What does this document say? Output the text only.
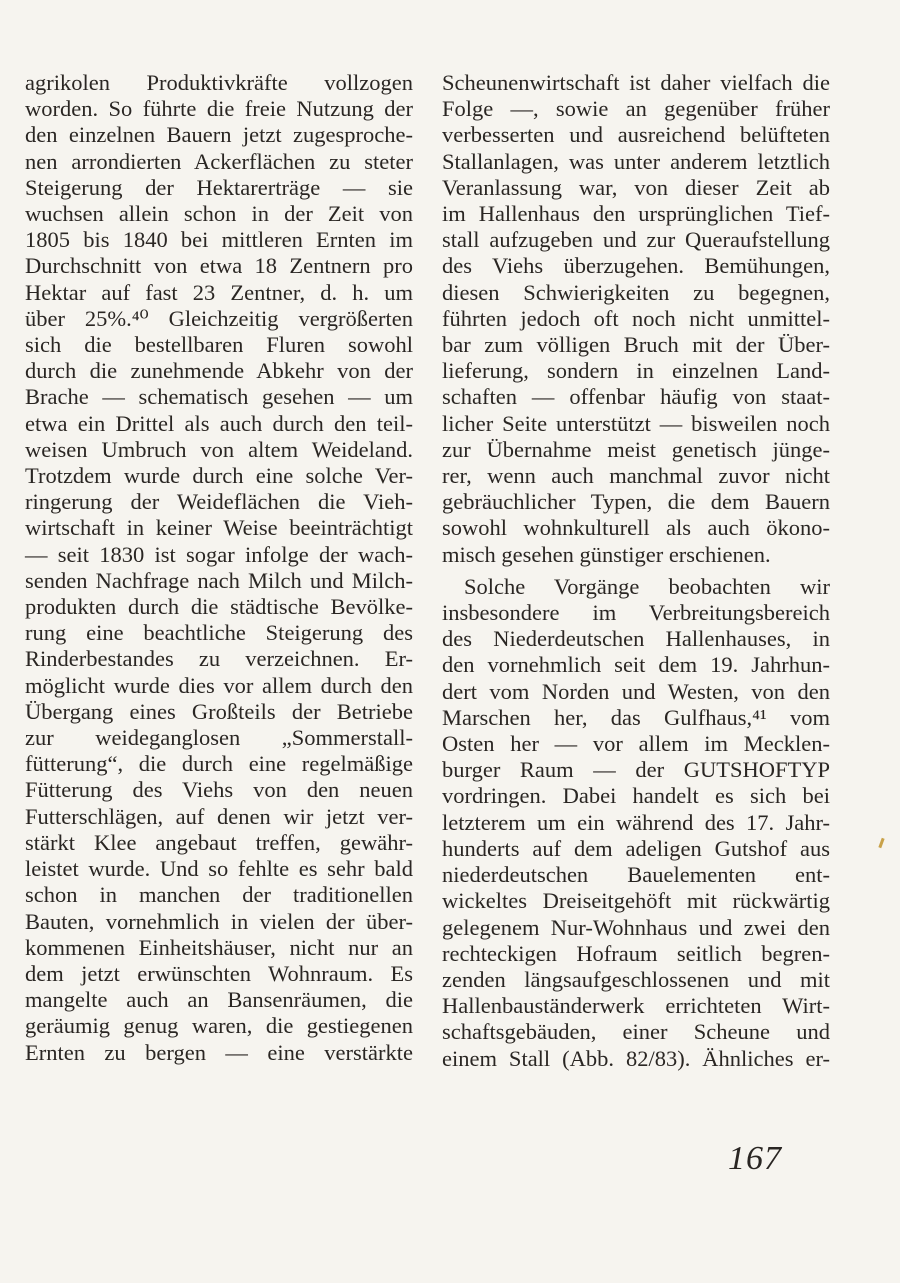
agrikolen Produktivkräfte vollzogen
worden. So führte die freie Nutzung der
den einzelnen Bauern jetzt zugesproche-
nen arrondierten Ackerflächen zu steter
Steigerung der Hektarerträge — sie
wuchsen allein schon in der Zeit von
1805 bis 1840 bei mittleren Ernten im
Durchschnitt von etwa 18 Zentnern pro
Hektar auf fast 23 Zentner, d. h. um
über 25%.⁴⁰ Gleichzeitig vergrößerten
sich die bestellbaren Fluren sowohl
durch die zunehmende Abkehr von der
Brache — schematisch gesehen — um
etwa ein Drittel als auch durch den teil-
weisen Umbruch von altem Weideland.
Trotzdem wurde durch eine solche Ver-
ringerung der Weideflächen die Vieh-
wirtschaft in keiner Weise beeinträchtigt
— seit 1830 ist sogar infolge der wach-
senden Nachfrage nach Milch und Milch-
produkten durch die städtische Bevölke-
rung eine beachtliche Steigerung des
Rinderbestandes zu verzeichnen. Er-
möglicht wurde dies vor allem durch den
Übergang eines Großteils der Betriebe
zur weideganglosen „Sommerstall-
fütterung“, die durch eine regelmäßige
Fütterung des Viehs von den neuen
Futterschlägen, auf denen wir jetzt ver-
stärkt Klee angebaut treffen, gewähr-
leistet wurde. Und so fehlte es sehr bald
schon in manchen der traditionellen
Bauten, vornehmlich in vielen der über-
kommenen Einheitshäuser, nicht nur an
dem jetzt erwünschten Wohnraum. Es
mangelte auch an Bansenräumen, die
geräumig genug waren, die gestiegenen
Ernten zu bergen — eine verstärkte
Scheunenwirtschaft ist daher vielfach die
Folge —, sowie an gegenüber früher
verbesserten und ausreichend belüfteten
Stallanlagen, was unter anderem letztlich
Veranlassung war, von dieser Zeit ab
im Hallenhaus den ursprünglichen Tief-
stall aufzugeben und zur Queraufstellung
des Viehs überzugehen. Bemühungen,
diesen Schwierigkeiten zu begegnen,
führten jedoch oft noch nicht unmittel-
bar zum völligen Bruch mit der Über-
lieferung, sondern in einzelnen Land-
schaften — offenbar häufig von staat-
licher Seite unterstützt — bisweilen noch
zur Übernahme meist genetisch jünge-
rer, wenn auch manchmal zuvor nicht
gebräuchlicher Typen, die dem Bauern
sowohl wohnkulturell als auch ökono-
misch gesehen günstiger erschienen.
Solche Vorgänge beobachten wir
insbesondere im Verbreitungsbereich
des Niederdeutschen Hallenhauses, in
den vornehmlich seit dem 19. Jahrhun-
dert vom Norden und Westen, von den
Marschen her, das Gulfhaus,⁴¹ vom
Osten her — vor allem im Mecklen-
burger Raum — der GUTSHOFTYP
vordringen. Dabei handelt es sich bei
letzterem um ein während des 17. Jahr-
hunderts auf dem adeligen Gutshof aus
niederdeutschen Bauelementen ent-
wickeltes Dreiseitgehöft mit rückwärtig
gelegenem Nur-Wohnhaus und zwei den
rechteckigen Hofraum seitlich begren-
zenden längsaufgeschlossenen und mit
Hallenbauständerwerk errichteten Wirt-
schaftsgebäuden, einer Scheune und
einem Stall (Abb. 82/83). Ähnliches er-
167
